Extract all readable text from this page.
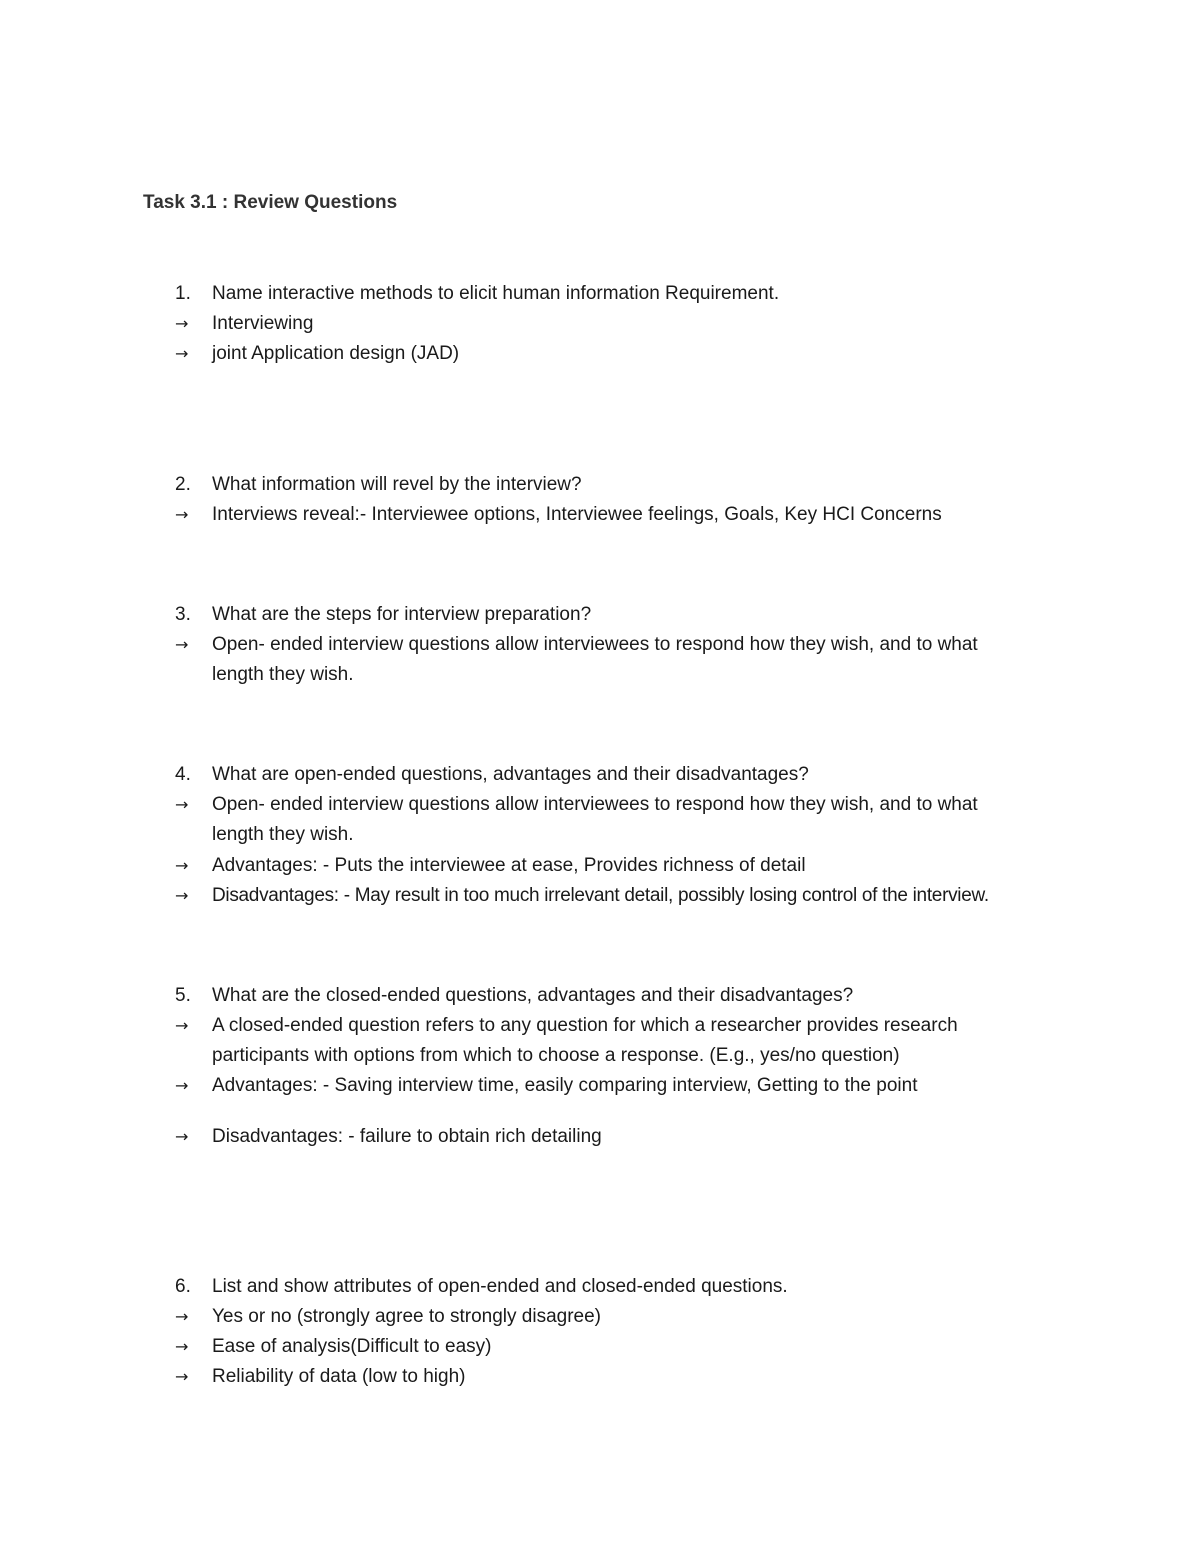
Task 3.1 : Review Questions
1.	Name interactive methods to elicit human information Requirement.
→	Interviewing
→	joint Application design (JAD)
2.	What information will revel by the interview?
→	Interviews reveal:- Interviewee options, Interviewee feelings, Goals, Key HCI Concerns
3.	What are the steps for interview preparation?
→	Open- ended interview questions allow interviewees to respond how they wish, and to what
length they wish.
4.	What are open-ended questions, advantages and their disadvantages?
→	Open- ended interview questions allow interviewees to respond how they wish, and to what
length they wish.
→	Advantages: - Puts the interviewee at ease, Provides richness of detail
→	Disadvantages: - May result in too much irrelevant detail, possibly losing control of the interview.
5.	What are the closed-ended questions, advantages and their disadvantages?
→	A closed-ended question refers to any question for which a researcher provides research
participants with options from which to choose a response. (E.g., yes/no question)
→	Advantages: - Saving interview time, easily comparing interview, Getting to the point
→	Disadvantages: - failure to obtain rich detailing
6.	List and show attributes of open-ended and closed-ended questions.
→	Yes or no (strongly agree to strongly disagree)
→	Ease of analysis(Difficult to easy)
→	Reliability of data (low to high)
